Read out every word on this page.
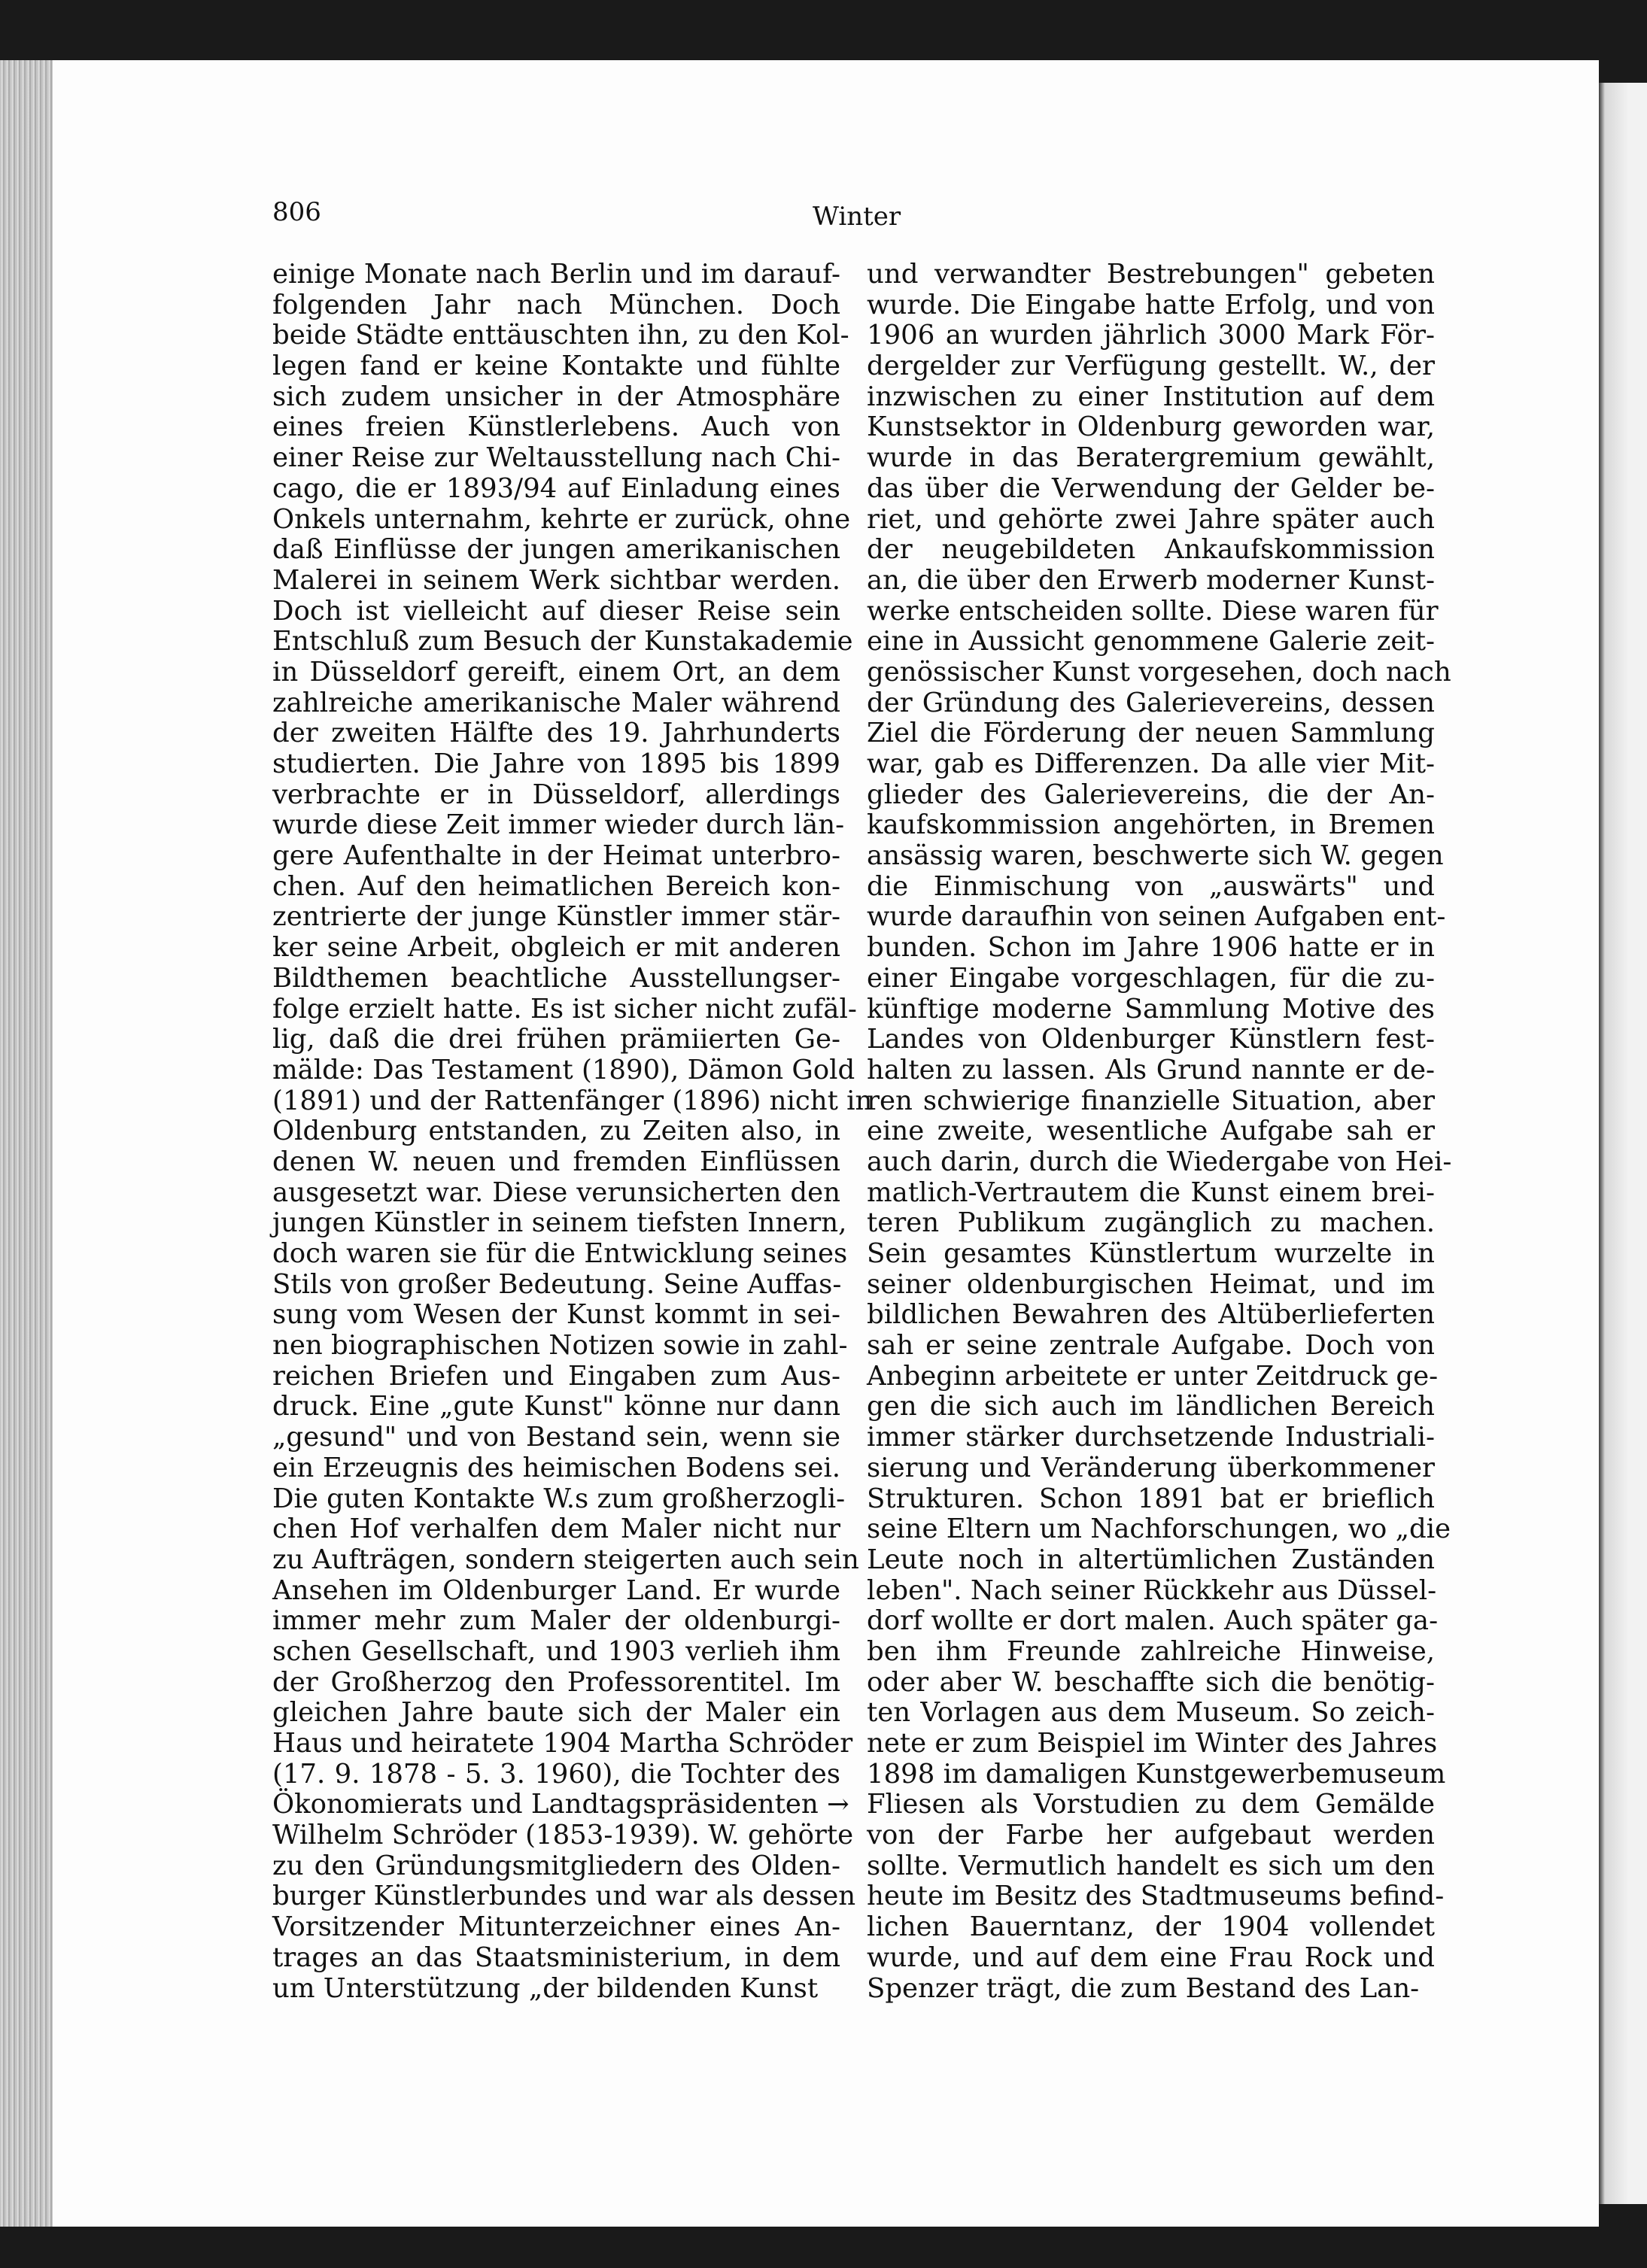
806	Winter
einige Monate nach Berlin und im darauf-
folgenden Jahr nach München. Doch
beide Städte enttäuschten ihn, zu den Kol-
legen fand er keine Kontakte und fühlte
sich zudem unsicher in der Atmosphäre
eines freien Künstlerlebens. Auch von
einer Reise zur Weltausstellung nach Chi-
cago, die er 1893/94 auf Einladung eines
Onkels unternahm, kehrte er zurück, ohne
daß Einflüsse der jungen amerikanischen
Malerei in seinem Werk sichtbar werden.
Doch ist vielleicht auf dieser Reise sein
Entschluß zum Besuch der Kunstakademie
in Düsseldorf gereift, einem Ort, an dem
zahlreiche amerikanische Maler während
der zweiten Hälfte des 19. Jahrhunderts
studierten. Die Jahre von 1895 bis 1899
verbrachte er in Düsseldorf, allerdings
wurde diese Zeit immer wieder durch län-
gere Aufenthalte in der Heimat unterbro-
chen. Auf den heimatlichen Bereich kon-
zentrierte der junge Künstler immer stär-
ker seine Arbeit, obgleich er mit anderen
Bildthemen beachtliche Ausstellungser-
folge erzielt hatte. Es ist sicher nicht zufäl-
lig, daß die drei frühen prämiierten Ge-
mälde: Das Testament (1890), Dämon Gold
(1891) und der Rattenfänger (1896) nicht in
Oldenburg entstanden, zu Zeiten also, in
denen W. neuen und fremden Einflüssen
ausgesetzt war. Diese verunsicherten den
jungen Künstler in seinem tiefsten Innern,
doch waren sie für die Entwicklung seines
Stils von großer Bedeutung. Seine Auffas-
sung vom Wesen der Kunst kommt in sei-
nen biographischen Notizen sowie in zahl-
reichen Briefen und Eingaben zum Aus-
druck. Eine „gute Kunst" könne nur dann
„gesund" und von Bestand sein, wenn sie
ein Erzeugnis des heimischen Bodens sei.
Die guten Kontakte W.s zum großherzogli-
chen Hof verhalfen dem Maler nicht nur
zu Aufträgen, sondern steigerten auch sein
Ansehen im Oldenburger Land. Er wurde
immer mehr zum Maler der oldenburgi-
schen Gesellschaft, und 1903 verlieh ihm
der Großherzog den Professorentitel. Im
gleichen Jahre baute sich der Maler ein
Haus und heiratete 1904 Martha Schröder
(17. 9. 1878 - 5. 3. 1960), die Tochter des
Ökonomierats und Landtagspräsidenten →
Wilhelm Schröder (1853-1939). W. gehörte
zu den Gründungsmitgliedern des Olden-
burger Künstlerbundes und war als dessen
Vorsitzender Mitunterzeichner eines An-
trages an das Staatsministerium, in dem
um Unterstützung „der bildenden Kunst
und verwandter Bestrebungen" gebeten
wurde. Die Eingabe hatte Erfolg, und von
1906 an wurden jährlich 3000 Mark För-
dergelder zur Verfügung gestellt. W., der
inzwischen zu einer Institution auf dem
Kunstsektor in Oldenburg geworden war,
wurde in das Beratergremium gewählt,
das über die Verwendung der Gelder be-
riet, und gehörte zwei Jahre später auch
der neugebildeten Ankaufskommission
an, die über den Erwerb moderner Kunst-
werke entscheiden sollte. Diese waren für
eine in Aussicht genommene Galerie zeit-
genössischer Kunst vorgesehen, doch nach
der Gründung des Galerievereins, dessen
Ziel die Förderung der neuen Sammlung
war, gab es Differenzen. Da alle vier Mit-
glieder des Galerievereins, die der An-
kaufskommission angehörten, in Bremen
ansässig waren, beschwerte sich W. gegen
die Einmischung von „auswärts" und
wurde daraufhin von seinen Aufgaben ent-
bunden. Schon im Jahre 1906 hatte er in
einer Eingabe vorgeschlagen, für die zu-
künftige moderne Sammlung Motive des
Landes von Oldenburger Künstlern fest-
halten zu lassen. Als Grund nannte er de-
ren schwierige finanzielle Situation, aber
eine zweite, wesentliche Aufgabe sah er
auch darin, durch die Wiedergabe von Hei-
matlich-Vertrautem die Kunst einem brei-
teren Publikum zugänglich zu machen.
Sein gesamtes Künstlertum wurzelte in
seiner oldenburgischen Heimat, und im
bildlichen Bewahren des Altüberlieferten
sah er seine zentrale Aufgabe. Doch von
Anbeginn arbeitete er unter Zeitdruck ge-
gen die sich auch im ländlichen Bereich
immer stärker durchsetzende Industriali-
sierung und Veränderung überkommener
Strukturen. Schon 1891 bat er brieflich
seine Eltern um Nachforschungen, wo „die
Leute noch in altertümlichen Zuständen
leben". Nach seiner Rückkehr aus Düssel-
dorf wollte er dort malen. Auch später ga-
ben ihm Freunde zahlreiche Hinweise,
oder aber W. beschaffte sich die benötig-
ten Vorlagen aus dem Museum. So zeich-
nete er zum Beispiel im Winter des Jahres
1898 im damaligen Kunstgewerbemuseum
Fliesen als Vorstudien zu dem Gemälde
von der Farbe her aufgebaut werden
sollte. Vermutlich handelt es sich um den
heute im Besitz des Stadtmuseums befind-
lichen Bauerntanz, der 1904 vollendet
wurde, und auf dem eine Frau Rock und
Spenzer trägt, die zum Bestand des Lan-
